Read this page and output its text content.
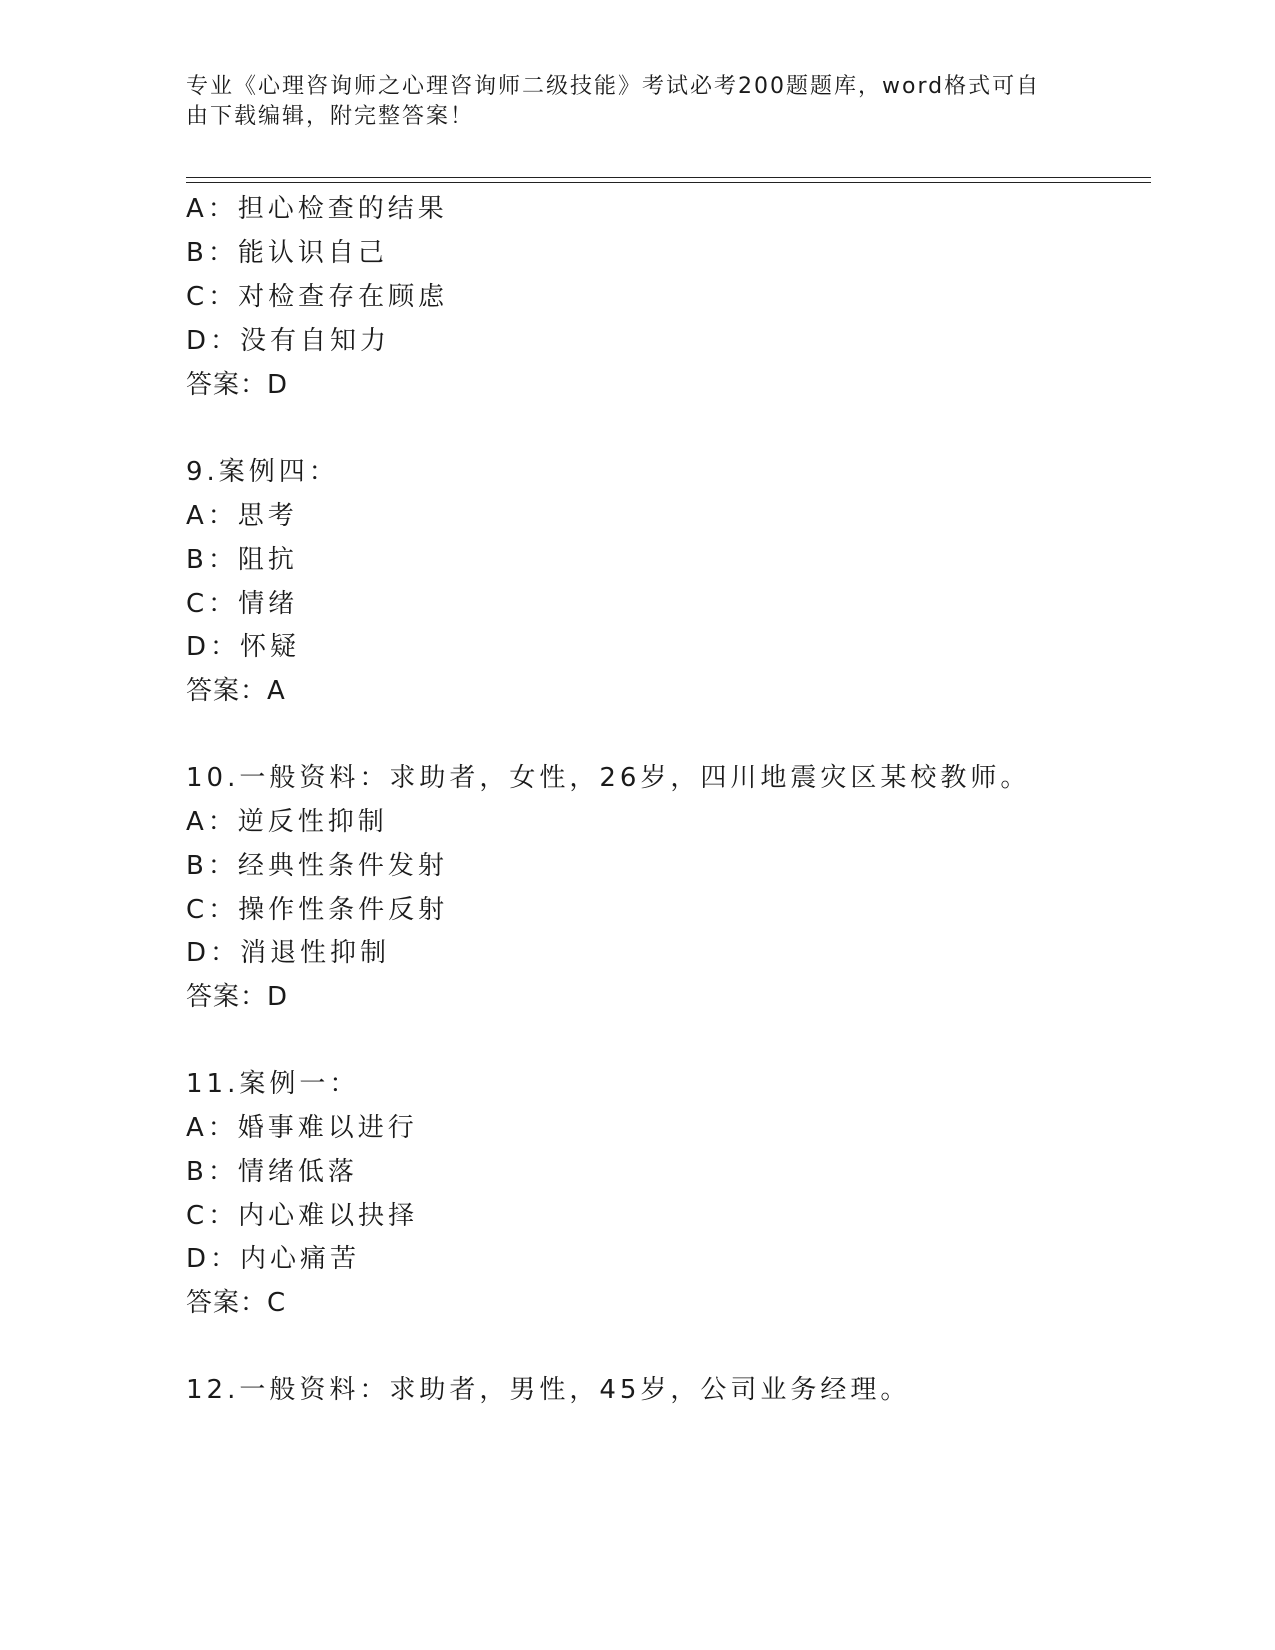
专业《心理咨询师之心理咨询师二级技能》考试必考200题题库，word格式可自
由下载编辑，附完整答案！
A：担心检查的结果
B：能认识自己
C：对检查存在顾虑
D：没有自知力
答案：D
9.案例四：
A：思考
B：阻抗
C：情绪
D：怀疑
答案：A
10.一般资料：求助者，女性，26岁，四川地震灾区某校教师。
A：逆反性抑制
B：经典性条件发射
C：操作性条件反射
D：消退性抑制
答案：D
11.案例一：
A：婚事难以进行
B：情绪低落
C：内心难以抉择
D：内心痛苦
答案：C
12.一般资料：求助者，男性，45岁，公司业务经理。
